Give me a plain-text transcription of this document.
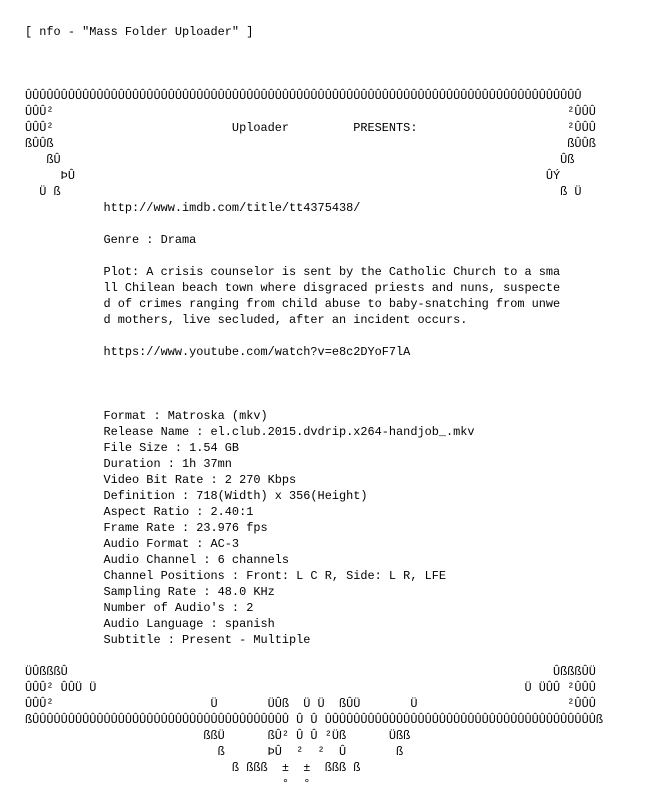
[ nfo - "Mass Folder Uploader" ]
ÛÛÛÛÛÛÛÛÛÛÛÛÛÛÛÛÛÛÛÛÛÛÛÛÛÛÛÛÛÛÛÛÛÛÛÛÛÛÛÛÛÛÛÛÛÛÛÛÛÛÛÛÛÛÛÛÛÛÛÛÛÛÛÛÛÛÛÛÛÛÛÛÛÛÛÛÛÛ
ÛÛÛ²                                                                        ²ÛÛÛ
ÛÛÛ²                         Uploader         PRESENTS:                     ²ÛÛÛ
ßÛÛß                                                                        ßÛÛß
ßÛ                                                                      Ûß
ÞÛ                                                                  ÛÝ
Ü ß                                                                      ß Ü
http://www.imdb.com/title/tt4375438/
Genre : Drama
Plot: A crisis counselor is sent by the Catholic Church to a sma
ll Chilean beach town where disgraced priests and nuns, suspecte
d of crimes ranging from child abuse to baby-snatching from unwe
d mothers, live secluded, after an incident occurs.
https://www.youtube.com/watch?v=e8c2DYoF7lA
Format : Matroska (mkv)
Release Name : el.club.2015.dvdrip.x264-handjob_.mkv
File Size : 1.54 GB
Duration : 1h 37mn
Video Bit Rate : 2 270 Kbps
Definition : 718(Width) x 356(Height)
Aspect Ratio : 2.40:1
Frame Rate : 23.976 fps
Audio Format : AC-3
Audio Channel : 6 channels
Channel Positions : Front: L C R, Side: L R, LFE
Sampling Rate : 48.0 KHz
Number of Audio's : 2
Audio Language : spanish
Subtitle : Present - Multiple
ÜÛßßßÛ                                                                    ÛßßßÛÜ
ÛÛÛ² ÛÛÜ Ü                                                            Ü ÜÛÛ ²ÛÛÛ
ÛÛÛ²                      Ü       ÜÛß  Ü Ü  ßÛÜ       Ü                     ²ÛÛÛ
ßÛÛÛÛÛÛÛÛÛÛÛÛÛÛÛÛÛÛÛÛÛÛÛÛÛÛÛÛÛÛÛÛÛÛÛÛ Û Û ÛÛÛÛÛÛÛÛÛÛÛÛÛÛÛÛÛÛÛÛÛÛÛÛÛÛÛÛÛÛÛÛÛÛÛÛÛÛß
ßßÜ      ßÛ² Û Û ²Üß      Üßß
ß      ÞÛ  ²  ²  Û       ß
ß ßßß  ±  ±  ßßß ß
°  °
